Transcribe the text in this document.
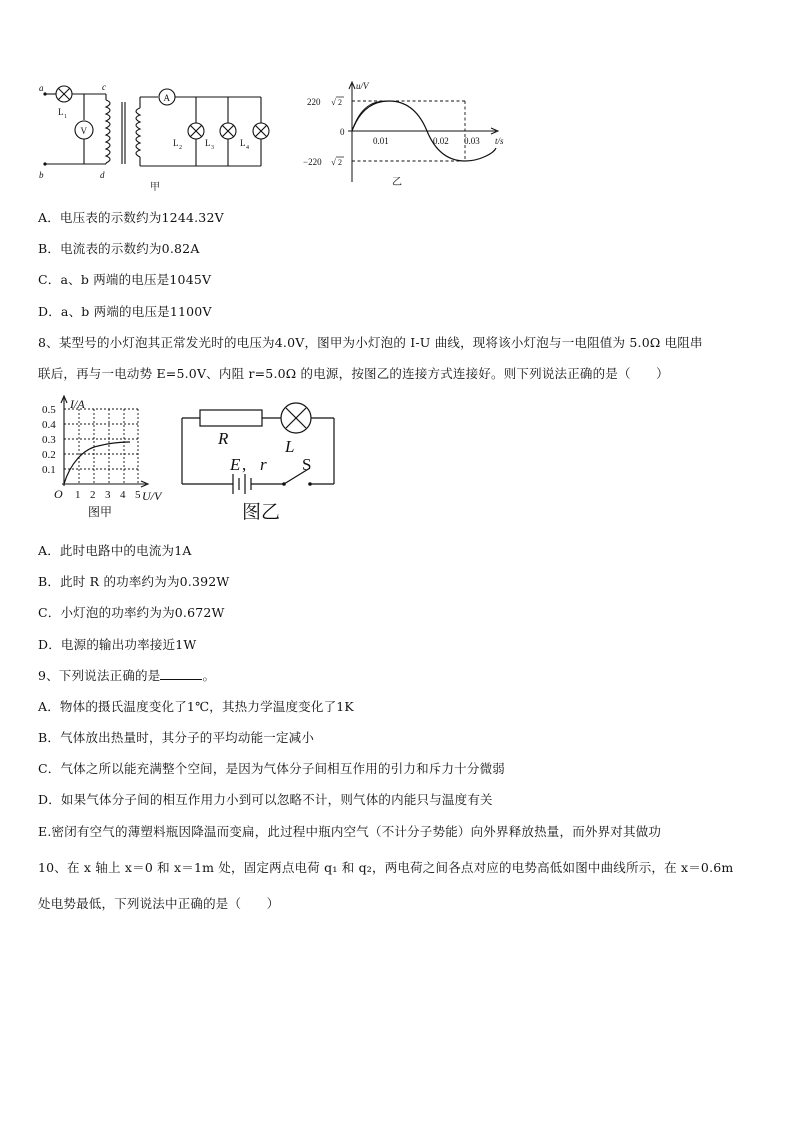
a
b
c
d
L 1
V
A
L 2	L 3	L 4
甲
u/V
220 √ 2
−220 √ 2
0
0.01	0.02 0.03 t/s
乙
A．电压表的示数约为1244.32V
B．电流表的示数约为0.82A
C．a、b 两端的电压是1045V
D．a、b 两端的电压是1100V
8、某型号的小灯泡其正常发光时的电压为4.0V，图甲为小灯泡的 I-U 曲线，现将该小灯泡与一电阻值为 5.0Ω 电阻串
联后，再与一电动势 E=5.0V、内阻 r=5.0Ω 的电源，按图乙的连接方式连接好。则下列说法正确的是（　　）
I/A
0.5
0.4
0.3
0.2
0.1
O 1 2 3 4 5 U/V
图甲
R	L
E , r S
图乙
A．此时电路中的电流为1A
B．此时 R 的功率约为为0.392W
C．小灯泡的功率约为为0.672W
D．电源的输出功率接近1W
9、下列说法正确的是	。
A．物体的摄氏温度变化了1℃，其热力学温度变化了1K
B．气体放出热量时，其分子的平均动能一定减小
C．气体之所以能充满整个空间，是因为气体分子间相互作用的引力和斥力十分微弱
D．如果气体分子间的相互作用力小到可以忽略不计，则气体的内能只与温度有关
E.密闭有空气的薄塑料瓶因降温而变扁，此过程中瓶内空气（不计分子势能）向外界释放热量，而外界对其做功
10、在 x 轴上 x＝0 和 x＝1m 处，固定两点电荷 q₁ 和 q₂，两电荷之间各点对应的电势高低如图中曲线所示，在 x＝0.6m
处电势最低，下列说法中正确的是（　　）
